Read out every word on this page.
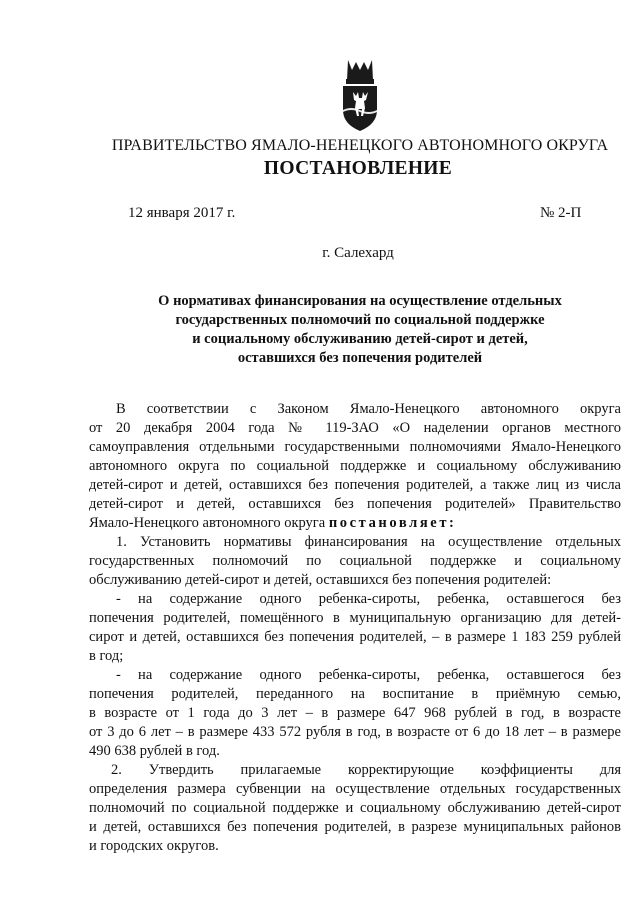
ПРАВИТЕЛЬСТВО ЯМАЛО-НЕНЕЦКОГО АВТОНОМНОГО ОКРУГА
ПОСТАНОВЛЕНИЕ
12 января 2017 г.	№ 2-П
г. Салехард
О нормативах финансирования на осуществление отдельных
государственных полномочий по социальной поддержке
и социальному обслуживанию детей-сирот и детей,
оставшихся без попечения родителей
В соответствии с Законом Ямало-Ненецкого автономного округа
от 20 декабря 2004 года № 119-ЗАО «О наделении органов местного
самоуправления отдельными государственными полномочиями Ямало-Ненецкого
автономного округа по социальной поддержке и социальному обслуживанию
детей-сирот и детей, оставшихся без попечения родителей, а также лиц из числа
детей-сирот и детей, оставшихся без попечения родителей» Правительство
Ямало-Ненецкого автономного округа постановляет:
1. Установить нормативы финансирования на осуществление отдельных
государственных полномочий по социальной поддержке и социальному
обслуживанию детей-сирот и детей, оставшихся без попечения родителей:
- на содержание одного ребенка-сироты, ребенка, оставшегося без
попечения родителей, помещённого в муниципальную организацию для детей-
сирот и детей, оставшихся без попечения родителей, – в размере 1 183 259 рублей
в год;
- на содержание одного ребенка-сироты, ребенка, оставшегося без
попечения родителей, переданного на воспитание в приёмную семью,
в возрасте от 1 года до 3 лет – в размере 647 968 рублей в год, в возрасте
от 3 до 6 лет – в размере 433 572 рубля в год, в возрасте от 6 до 18 лет – в размере
490 638 рублей в год.
2. Утвердить прилагаемые корректирующие коэффициенты для
определения размера субвенции на осуществление отдельных государственных
полномочий по социальной поддержке и социальному обслуживанию детей-сирот
и детей, оставшихся без попечения родителей, в разрезе муниципальных районов
и городских округов.
